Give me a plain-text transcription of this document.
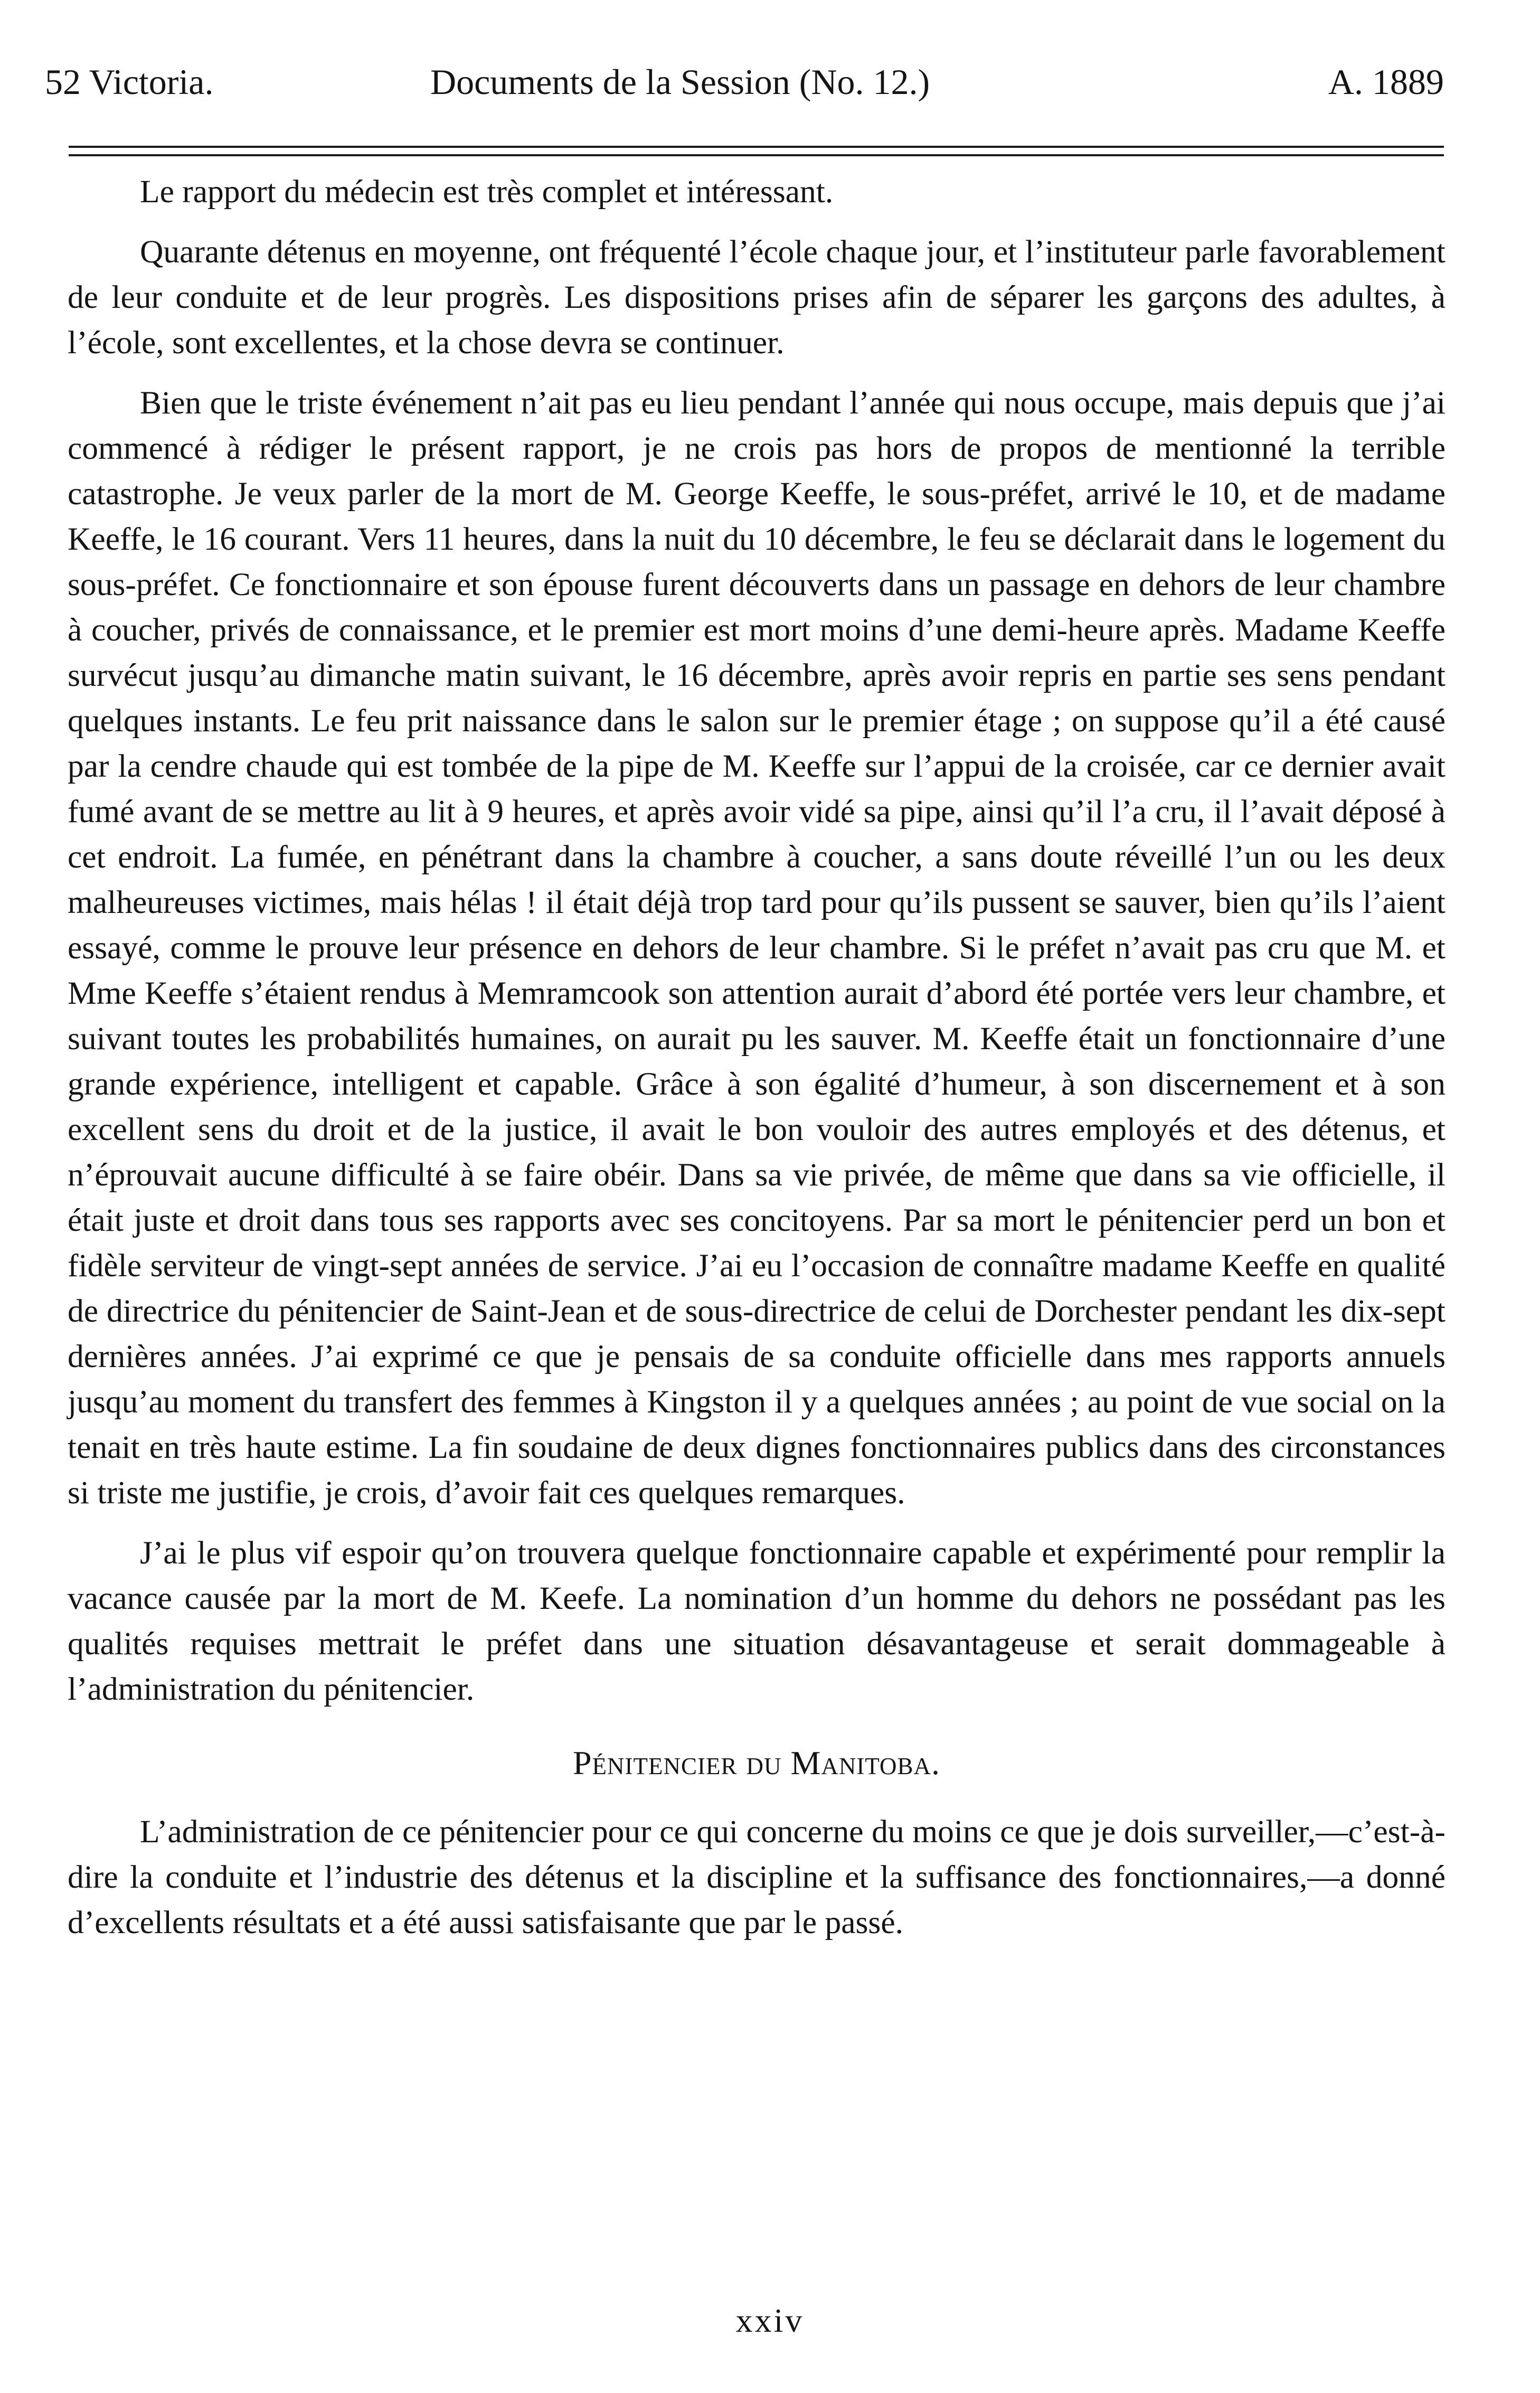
52 Victoria.	Documents de la Session (No. 12.)	A. 1889

Le rapport du médecin est très complet et intéressant.

Quarante détenus en moyenne, ont fréquenté l’école chaque jour, et l’instituteur parle favorablement de leur conduite et de leur progrès. Les dispositions prises afin de séparer les garçons des adultes, à l’école, sont excellentes, et la chose devra se continuer.

Bien que le triste événement n’ait pas eu lieu pendant l’année qui nous occupe, mais depuis que j’ai commencé à rédiger le présent rapport, je ne crois pas hors de propos de mentionné la terrible catastrophe. Je veux parler de la mort de M. George Keeffe, le sous-préfet, arrivé le 10, et de madame Keeffe, le 16 courant. Vers 11 heures, dans la nuit du 10 décembre, le feu se déclarait dans le logement du sous-préfet. Ce fonctionnaire et son épouse furent découverts dans un passage en dehors de leur chambre à coucher, privés de connaissance, et le premier est mort moins d’une demi-heure après. Madame Keeffe survécut jusqu’au dimanche matin suivant, le 16 décembre, après avoir repris en partie ses sens pendant quelques instants. Le feu prit naissance dans le salon sur le premier étage ; on suppose qu’il a été causé par la cendre chaude qui est tombée de la pipe de M. Keeffe sur l’appui de la croisée, car ce dernier avait fumé avant de se mettre au lit à 9 heures, et après avoir vidé sa pipe, ainsi qu’il l’a cru, il l’avait déposé à cet endroit. La fumée, en pénétrant dans la chambre à coucher, a sans doute réveillé l’un ou les deux malheureuses victimes, mais hélas ! il était déjà trop tard pour qu’ils pussent se sauver, bien qu’ils l’aient essayé, comme le prouve leur présence en dehors de leur chambre. Si le préfet n’avait pas cru que M. et Mme Keeffe s’étaient rendus à Memramcook son attention aurait d’abord été portée vers leur chambre, et suivant toutes les probabilités humaines, on aurait pu les sauver. M. Keeffe était un fonctionnaire d’une grande expérience, intelligent et capable. Grâce à son égalité d’humeur, à son discernement et à son excellent sens du droit et de la justice, il avait le bon vouloir des autres employés et des détenus, et n’éprouvait aucune difficulté à se faire obéir. Dans sa vie privée, de même que dans sa vie officielle, il était juste et droit dans tous ses rapports avec ses concitoyens. Par sa mort le pénitencier perd un bon et fidèle serviteur de vingt-sept années de service. J’ai eu l’occasion de connaître madame Keeffe en qualité de directrice du pénitencier de Saint-Jean et de sous-directrice de celui de Dorchester pendant les dix-sept dernières années. J’ai exprimé ce que je pensais de sa conduite officielle dans mes rapports annuels jusqu’au moment du transfert des femmes à Kingston il y a quelques années ; au point de vue social on la tenait en très haute estime. La fin soudaine de deux dignes fonctionnaires publics dans des circonstances si triste me justifie, je crois, d’avoir fait ces quelques remarques.

J’ai le plus vif espoir qu’on trouvera quelque fonctionnaire capable et expérimenté pour remplir la vacance causée par la mort de M. Keefe. La nomination d’un homme du dehors ne possédant pas les qualités requises mettrait le préfet dans une situation désavantageuse et serait dommageable à l’administration du pénitencier.

Pénitencier du Manitoba.

L’administration de ce pénitencier pour ce qui concerne du moins ce que je dois surveiller,—c’est-à-dire la conduite et l’industrie des détenus et la discipline et la suffisance des fonctionnaires,—a donné d’excellents résultats et a été aussi satisfaisante que par le passé.

xxiv
